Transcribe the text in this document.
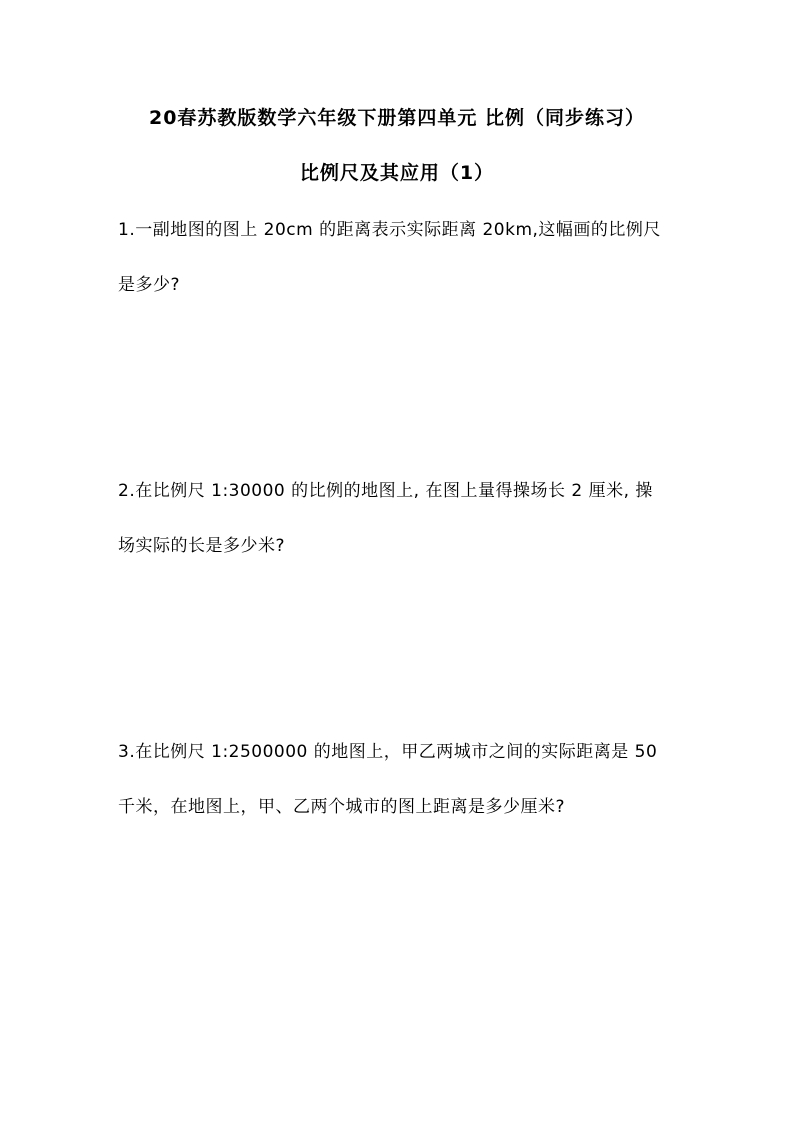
20春苏教版数学六年级下册第四单元 比例（同步练习）
比例尺及其应用（1）
1.一副地图的图上 20cm 的距离表示实际距离 20km,这幅画的比例尺
是多少?
2.在比例尺 1:30000 的比例的地图上, 在图上量得操场长 2 厘米, 操
场实际的长是多少米?
3.在比例尺 1:2500000 的地图上，甲乙两城市之间的实际距离是 50
千米，在地图上，甲、乙两个城市的图上距离是多少厘米?
